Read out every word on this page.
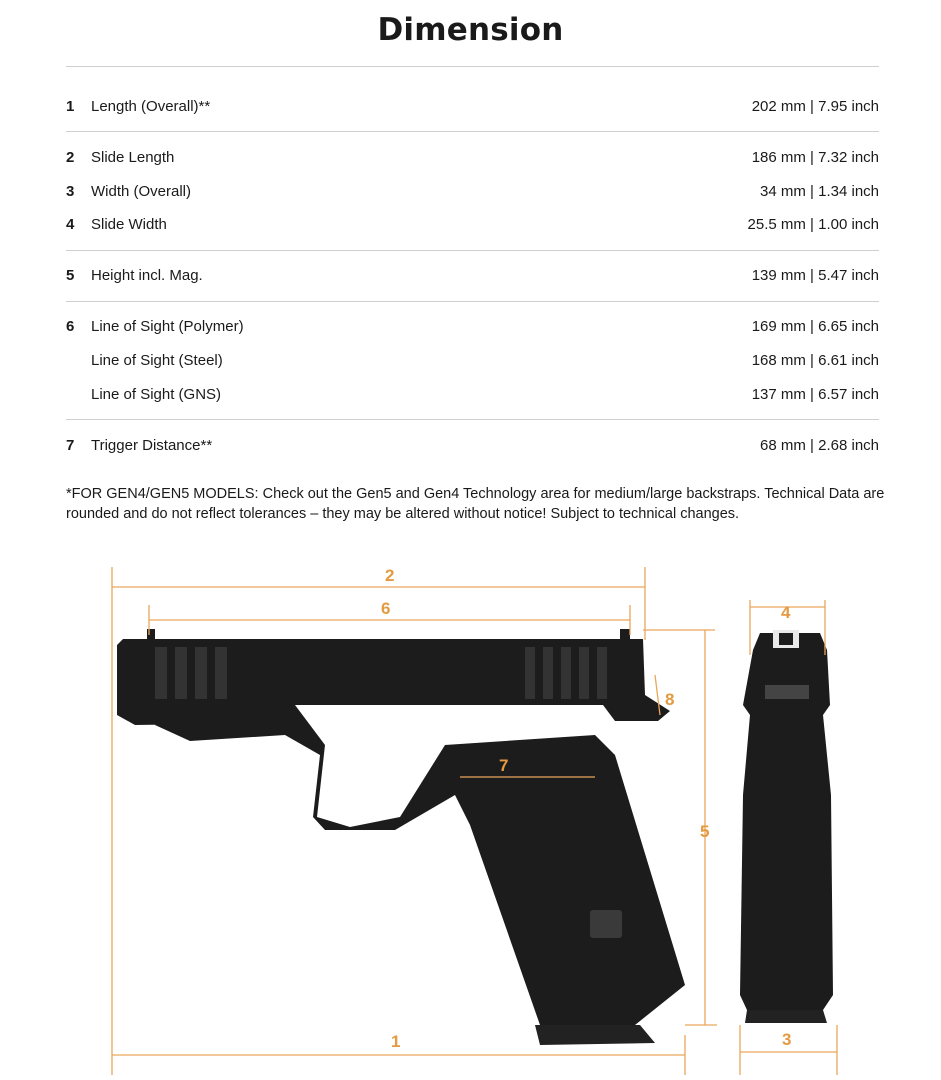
Dimension
1 Length (Overall)**	202 mm | 7.95 inch
2 Slide Length	186 mm | 7.32 inch
3 Width (Overall)	34 mm | 1.34 inch
4 Slide Width	25.5 mm | 1.00 inch
5 Height incl. Mag.	139 mm | 5.47 inch
6 Line of Sight (Polymer)	169 mm | 6.65 inch
Line of Sight (Steel)	168 mm | 6.61 inch
Line of Sight (GNS)	137 mm | 6.57 inch
7 Trigger Distance**	68 mm | 2.68 inch
*FOR GEN4/GEN5 MODELS: Check out the Gen5 and Gen4 Technology area for medium/large backstraps. Technical Data are rounded and do not reflect tolerances – they may be altered without notice! Subject to technical changes.
2
6
8
7
5
1
4
3
